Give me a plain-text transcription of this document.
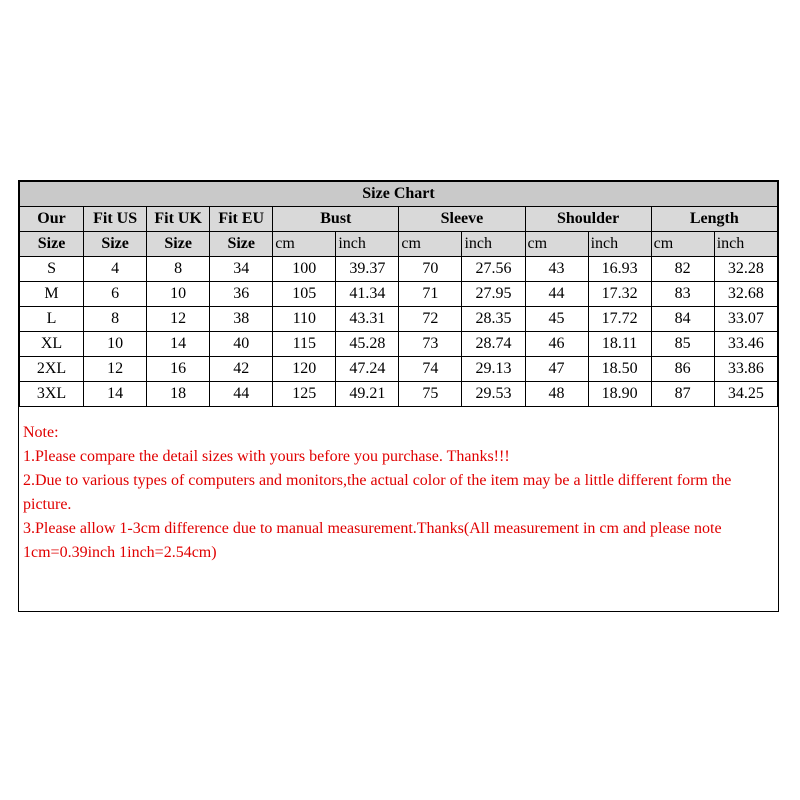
Size Chart											
Our	Fit US	Fit UK	Fit EU	Bust		Sleeve		Shoulder		Length	
Size	Size	Size	Size	cm	inch	cm	inch	cm	inch	cm	inch
S	4	8	34	100	39.37	70	27.56	43	16.93	82	32.28
M	6	10	36	105	41.34	71	27.95	44	17.32	83	32.68
L	8	12	38	110	43.31	72	28.35	45	17.72	84	33.07
XL	10	14	40	115	45.28	73	28.74	46	18.11	85	33.46
2XL	12	16	42	120	47.24	74	29.13	47	18.50	86	33.86
3XL	14	18	44	125	49.21	75	29.53	48	18.90	87	34.25

Note:

1.Please compare the detail sizes with yours before you purchase. Thanks!!!

2.Due to various types of computers and monitors,the actual color of the item may be a little different form the picture.

3.Please allow 1-3cm difference due to manual measurement.Thanks(All measurement in cm and please note 1cm=0.39inch 1inch=2.54cm)
